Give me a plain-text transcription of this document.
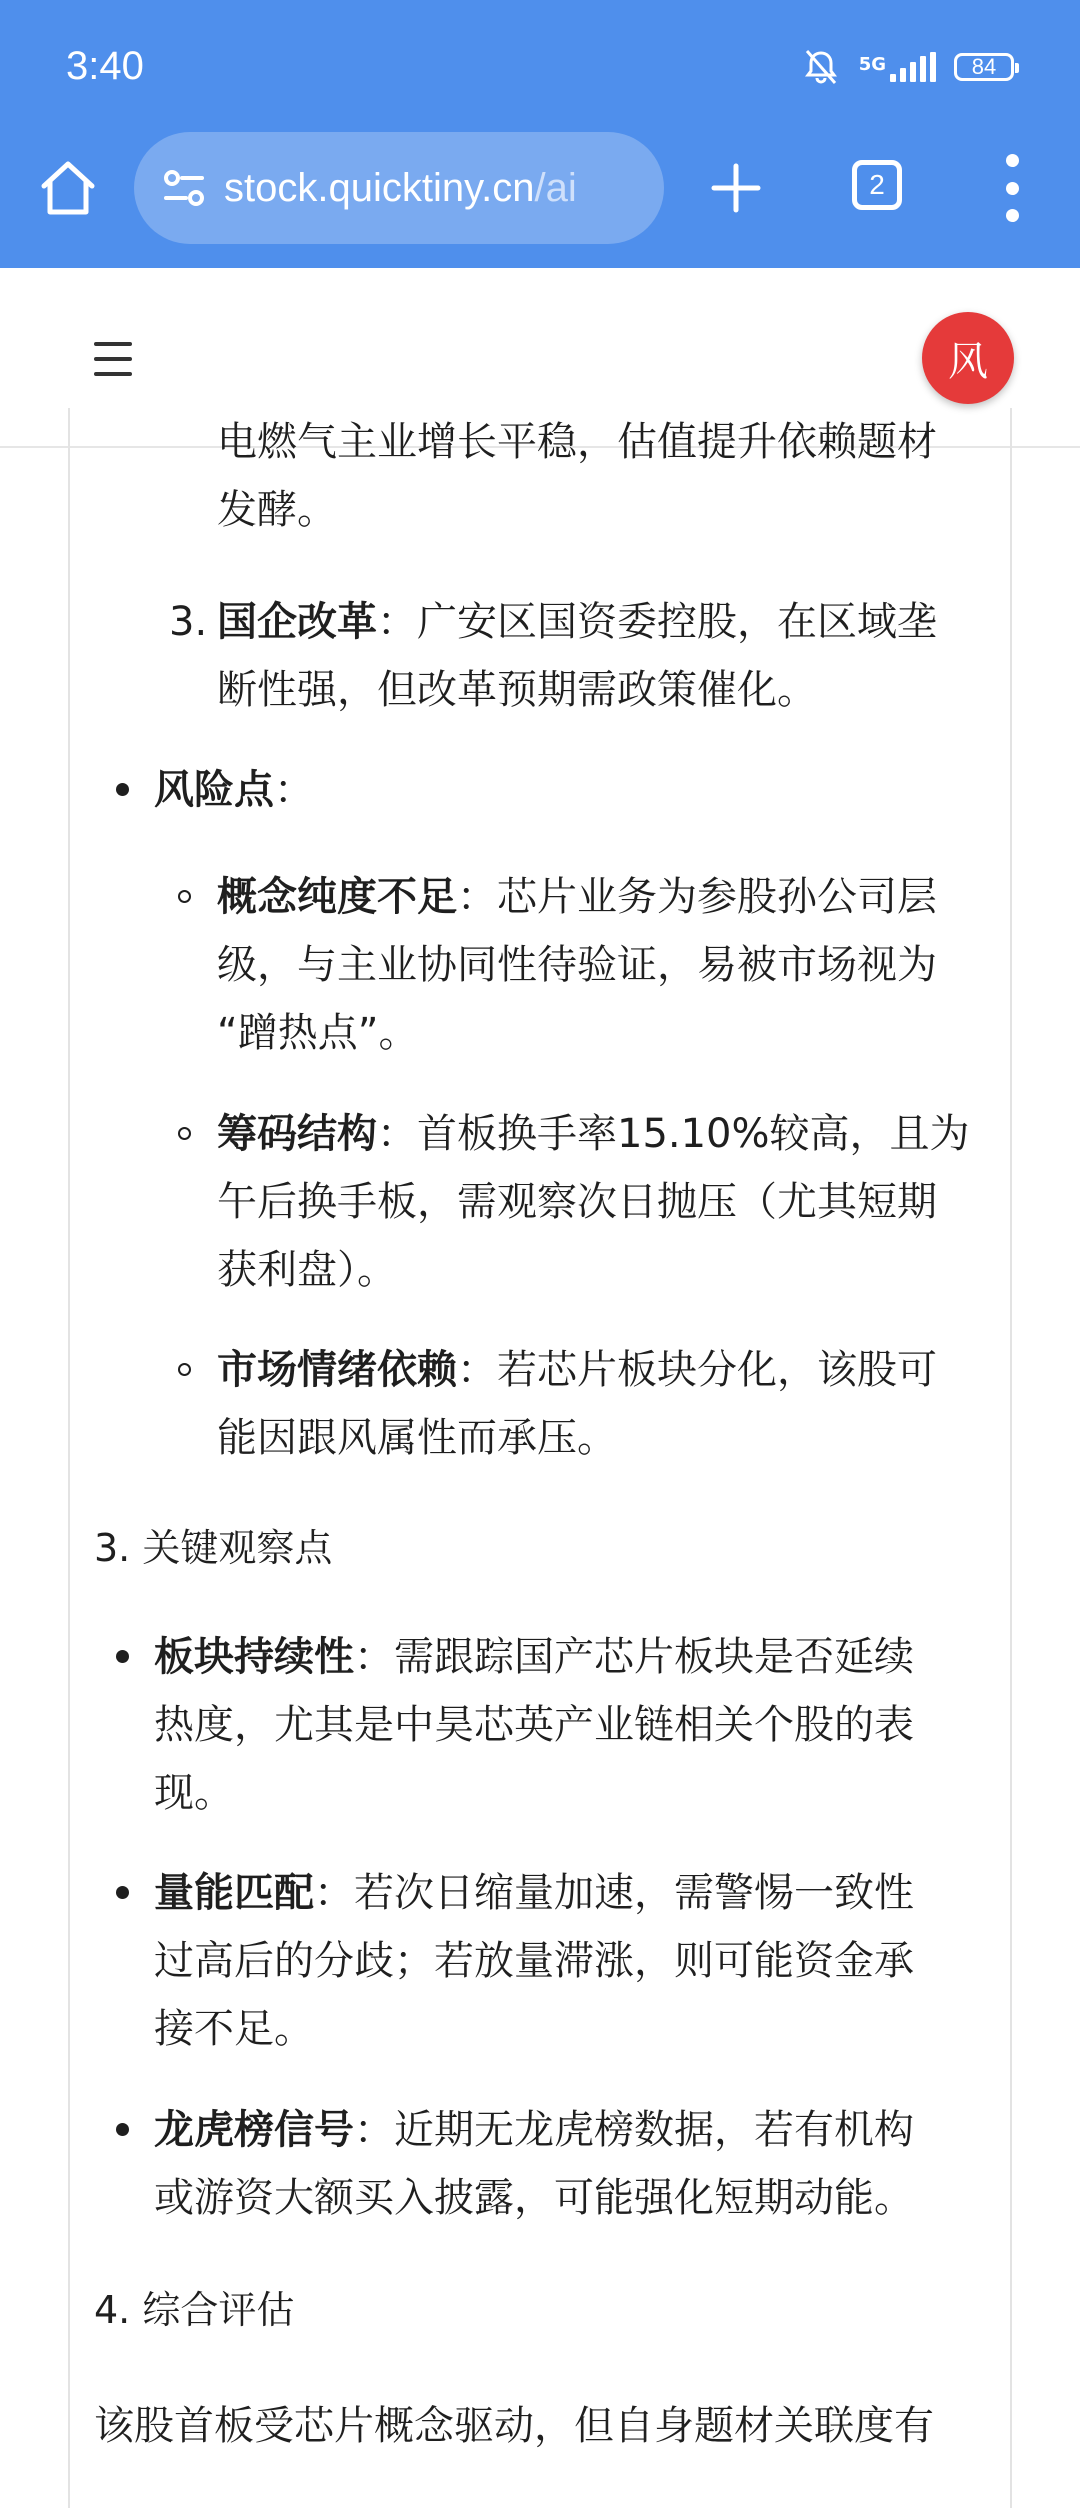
3:40	5G	84
stock.quicktiny.cn/ai	2
风
电燃气主业增长平稳，估值提升依赖题材
发酵。
3. 国企改革：广安区国资委控股，在区域垄
断性强，但改革预期需政策催化。
风险点：
概念纯度不足：芯片业务为参股孙公司层
级，与主业协同性待验证，易被市场视为
“蹭热点”。
筹码结构：首板换手率15.10%较高，且为
午后换手板，需观察次日抛压（尤其短期
获利盘）。
市场情绪依赖：若芯片板块分化，该股可
能因跟风属性而承压。
3. 关键观察点
板块持续性：需跟踪国产芯片板块是否延续
热度，尤其是中昊芯英产业链相关个股的表
现。
量能匹配：若次日缩量加速，需警惕一致性
过高后的分歧；若放量滞涨，则可能资金承
接不足。
龙虎榜信号：近期无龙虎榜数据，若有机构
或游资大额买入披露，可能强化短期动能。
4. 综合评估
该股首板受芯片概念驱动，但自身题材关联度有
